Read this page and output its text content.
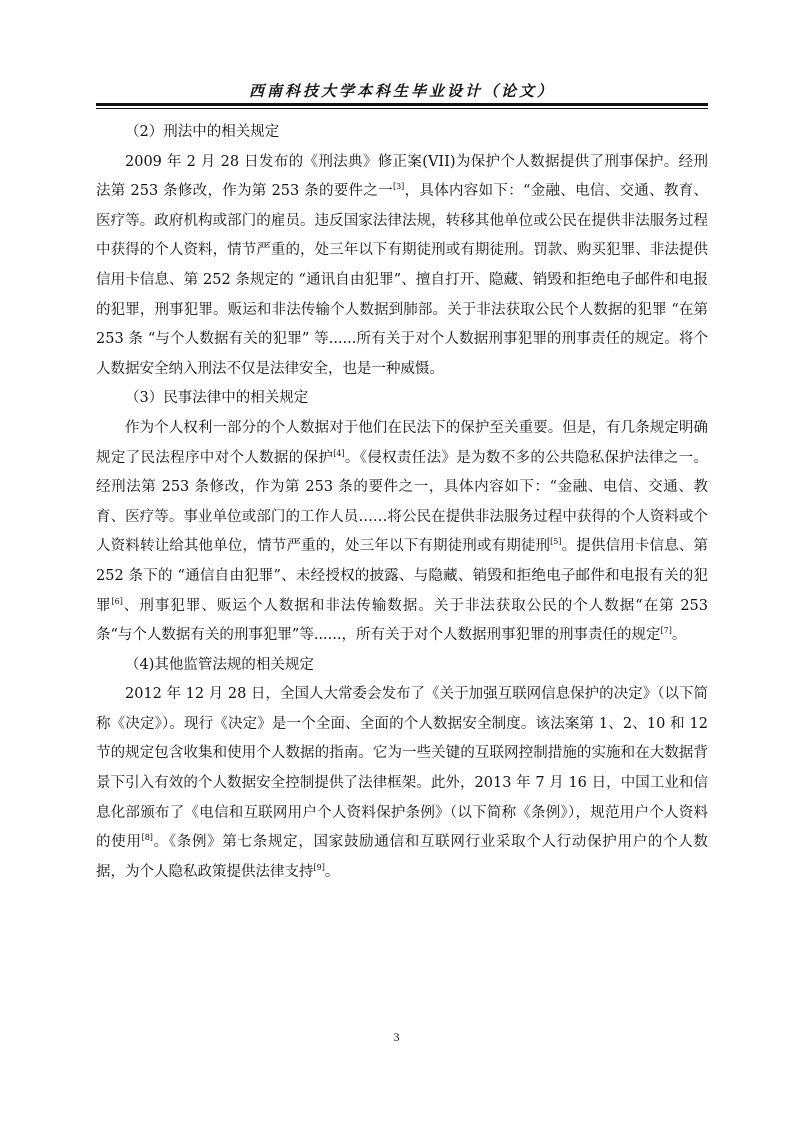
西南科技大学本科生毕业设计（论文）

（2）刑法中的相关规定

2009 年 2 月 28 日发布的《刑法典》修正案(VII)为保护个人数据提供了刑事保护。经刑法第 253 条修改，作为第 253 条的要件之一[3]，具体内容如下：“金融、电信、交通、教育、医疗等。政府机构或部门的雇员。违反国家法律法规，转移其他单位或公民在提供非法服务过程中获得的个人资料，情节严重的，处三年以下有期徒刑或有期徒刑。罚款、购买犯罪、非法提供信用卡信息、第 252 条规定的 “通讯自由犯罪”、擅自打开、隐藏、销毁和拒绝电子邮件和电报的犯罪，刑事犯罪。贩运和非法传输个人数据到肺部。关于非法获取公民个人数据的犯罪 “在第 253 条 “与个人数据有关的犯罪” 等......所有关于对个人数据刑事犯罪的刑事责任的规定。将个人数据安全纳入刑法不仅是法律安全，也是一种威慑。

（3）民事法律中的相关规定

作为个人权利一部分的个人数据对于他们在民法下的保护至关重要。但是，有几条规定明确规定了民法程序中对个人数据的保护[4]。《侵权责任法》是为数不多的公共隐私保护法律之一。经刑法第 253 条修改，作为第 253 条的要件之一，具体内容如下：“金融、电信、交通、教育、医疗等。事业单位或部门的工作人员……将公民在提供非法服务过程中获得的个人资料或个人资料转让给其他单位，情节严重的，处三年以下有期徒刑或有期徒刑[5]。提供信用卡信息、第 252 条下的 “通信自由犯罪”、未经授权的披露、与隐藏、销毁和拒绝电子邮件和电报有关的犯罪[6]、刑事犯罪、贩运个人数据和非法传输数据。关于非法获取公民的个人数据“在第 253 条“与个人数据有关的刑事犯罪”等......，所有关于对个人数据刑事犯罪的刑事责任的规定[7]。

（4)其他监管法规的相关规定

2012 年 12 月 28 日，全国人大常委会发布了《关于加强互联网信息保护的决定》（以下简称《决定》）。现行《决定》是一个全面、全面的个人数据安全制度。该法案第 1、2、10 和 12 节的规定包含收集和使用个人数据的指南。它为一些关键的互联网控制措施的实施和在大数据背景下引入有效的个人数据安全控制提供了法律框架。此外，2013 年 7 月 16 日，中国工业和信息化部颁布了《电信和互联网用户个人资料保护条例》（以下简称《条例》），规范用户个人资料的使用[8]。《条例》第七条规定，国家鼓励通信和互联网行业采取个人行动保护用户的个人数据，为个人隐私政策提供法律支持[9]。

3
